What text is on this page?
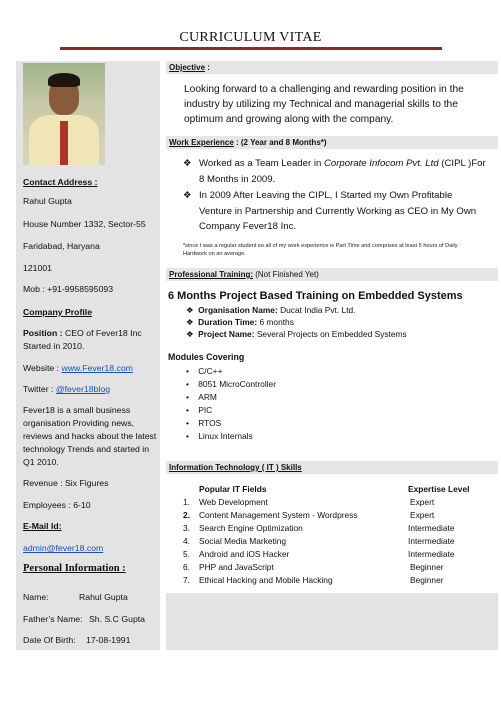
CURRICULUM VITAE
Contact Address :
Rahul Gupta
House Number 1332, Sector-55
Faridabad, Haryana
121001
Mob : +91-9958595093
Company Profile
Position : CEO of Fever18 Inc
Started in 2010.
Website : www.Fever18.com
Twitter : @fever18blog
Fever18 is a small business
organisation Providing news,
reviews and hacks about the latest
technology Trends and started in
Q1 2010.
Revenue : Six Figures
Employees : 6-10
E-Mail Id:
admin@fever18.com
Personal Information :
Name:	Rahul Gupta
Father’s Name: Sh. S.C Gupta
Date Of Birth: 17-08-1991
Objective :
Looking forward to a challenging and rewarding position in the
industry by utilizing my Technical and managerial skills to the
optimum and growing along with the company.
Work Experience : (2 Year and 8 Months*)
❖ Worked as a Team Leader in Corporate Infocom Pvt. Ltd (CIPL )For
8 Months in 2009.
❖ In 2009 After Leaving the CIPL, I Started my Own Profitable
Venture in Partnership and Currently Working as CEO in My Own
Company Fever18 Inc.
*since I was a regular student so all of my work experience is Part Time and comprises at least 5 hours of Daily
Hardwork on an average.
Professional Training: (Not Finished Yet)
6 Months Project Based Training on Embedded Systems
❖ Organisation Name: Ducat India Pvt. Ltd.
❖ Duration Time: 6 months
❖ Project Name: Several Projects on Embedded Systems
Modules Covering
• C/C++
• 8051 MicroController
• ARM
• PIC
• RTOS
• Linux Internals
Information Technology ( IT ) Skills
Popular IT Fields	Expertise Level
1. Web Development	Expert
2. Content Management System - Wordpress	Expert
3. Search Engine Optimization	Intermediate
4. Social Media Marketing	Intermediate
5. Android and iOS Hacker	Intermediate
6. PHP and JavaScript	Beginner
7. Ethical Hacking and Mobile Hacking	Beginner
